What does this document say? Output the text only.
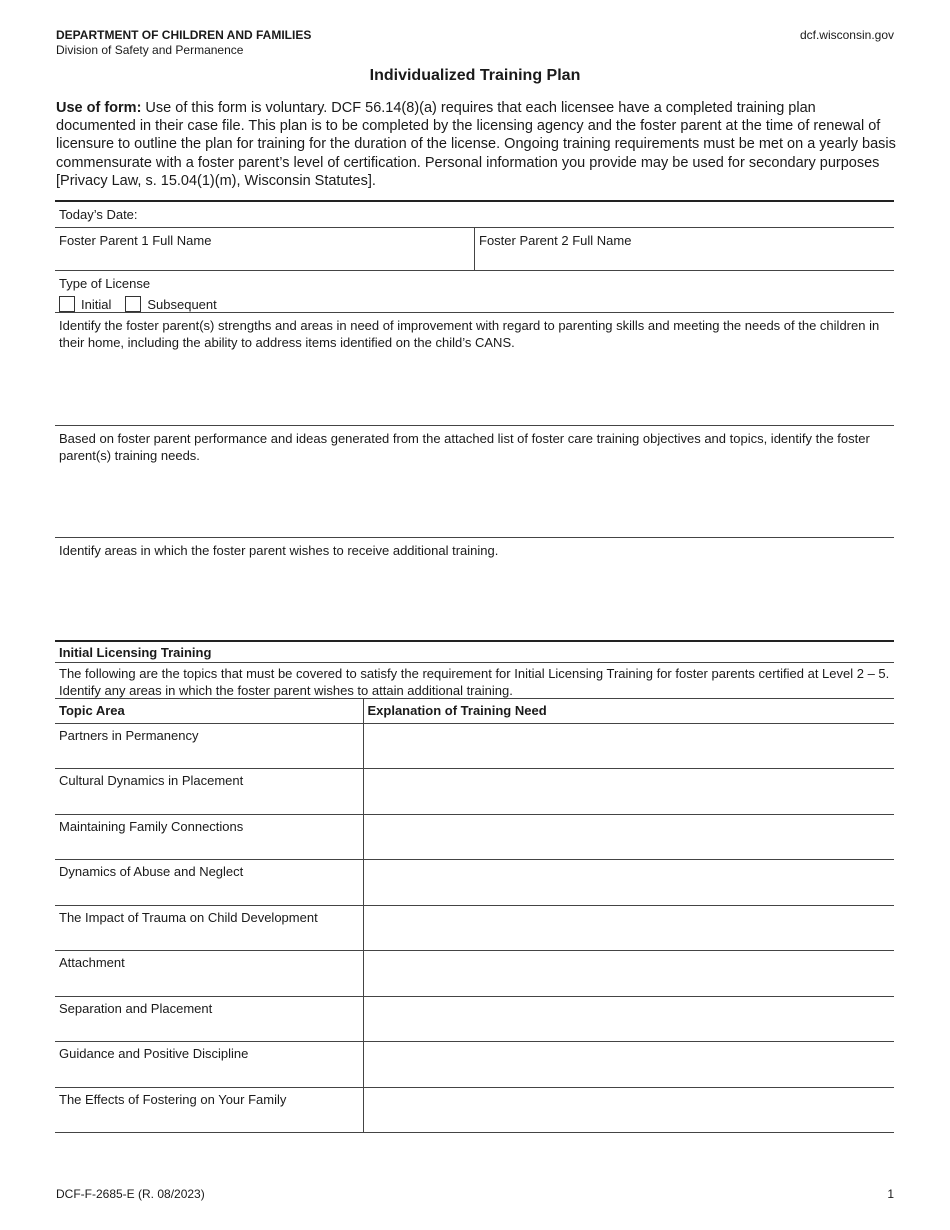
DEPARTMENT OF CHILDREN AND FAMILIES
Division of Safety and Permanence
dcf.wisconsin.gov
Individualized Training Plan
Use of form: Use of this form is voluntary. DCF 56.14(8)(a) requires that each licensee have a completed training plan documented in their case file. This plan is to be completed by the licensing agency and the foster parent at the time of renewal of licensure to outline the plan for training for the duration of the license. Ongoing training requirements must be met on a yearly basis commensurate with a foster parent’s level of certification. Personal information you provide may be used for secondary purposes [Privacy Law, s. 15.04(1)(m), Wisconsin Statutes].
Today’s Date:
Foster Parent 1 Full Name	Foster Parent 2 Full Name
Type of License
Initial	Subsequent
Identify the foster parent(s) strengths and areas in need of improvement with regard to parenting skills and meeting the needs of the children in their home, including the ability to address items identified on the child’s CANS.
Based on foster parent performance and ideas generated from the attached list of foster care training objectives and topics, identify the foster parent(s) training needs.
Identify areas in which the foster parent wishes to receive additional training.
Initial Licensing Training
The following are the topics that must be covered to satisfy the requirement for Initial Licensing Training for foster parents certified at Level 2 – 5. Identify any areas in which the foster parent wishes to attain additional training.
Topic Area	Explanation of Training Need
Partners in Permanency	
Cultural Dynamics in Placement	
Maintaining Family Connections	
Dynamics of Abuse and Neglect	
The Impact of Trauma on Child Development	
Attachment	
Separation and Placement	
Guidance and Positive Discipline	
The Effects of Fostering on Your Family	
DCF-F-2685-E (R. 08/2023)	1
